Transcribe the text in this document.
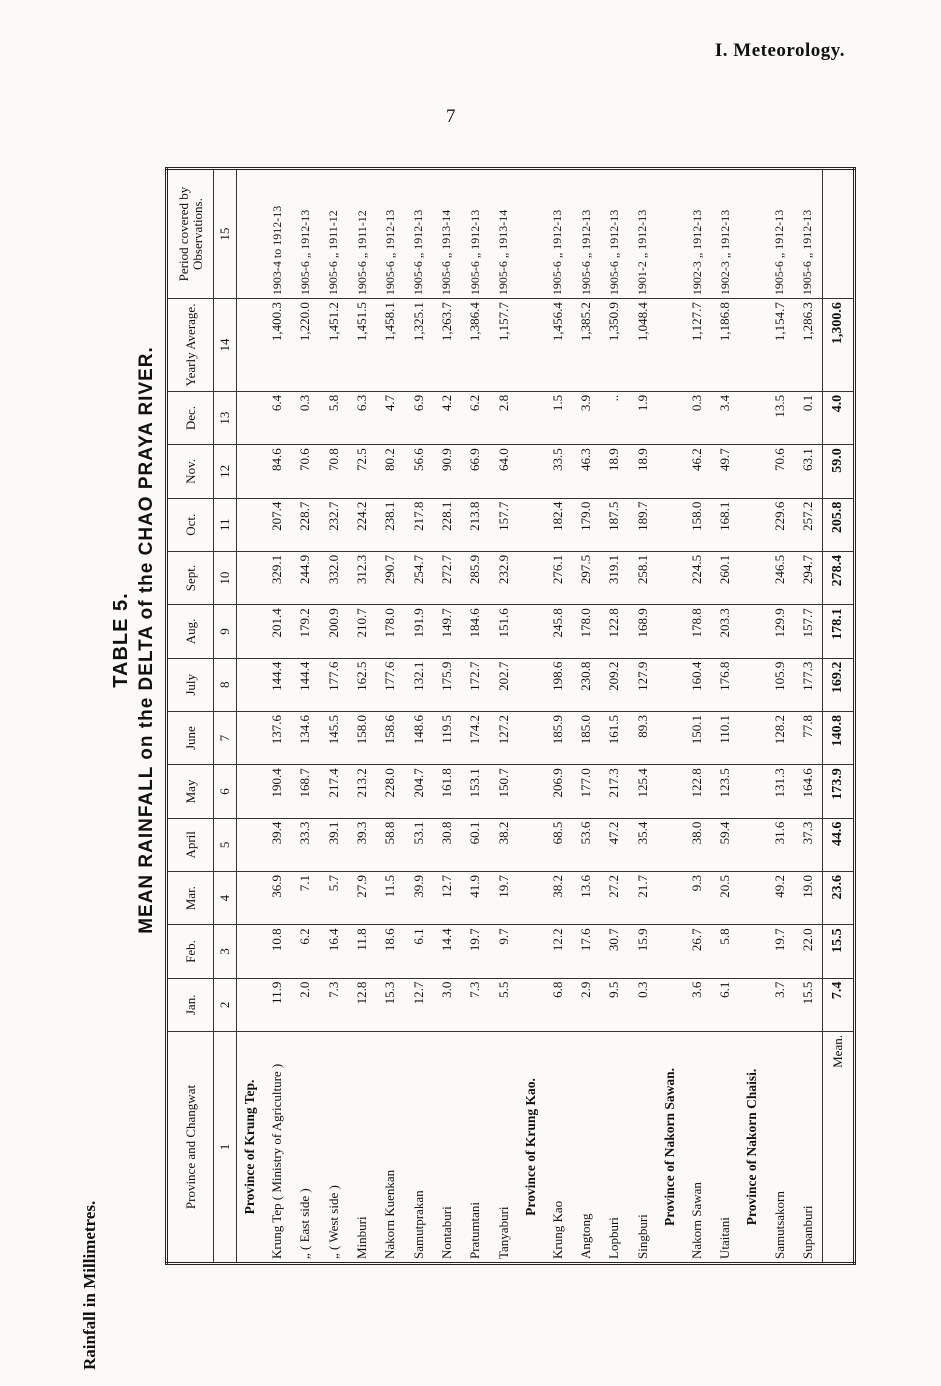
I. Meteorology.
7
Rainfall in Millimetres.
TABLE 5. MEAN RAINFALL on the DELTA of the CHAO PRAYA RIVER.
Province and Changwat	Jan.	Feb.	Mar.	April	May	June	July	Aug.	Sept.	Oct.	Nov.	Dec.	Yearly Average.	Period covered by Observations.
1	2	3	4	5	6	7	8	9	10	11	12	13	14	15
Province of Krung Tep.														
Krung Tep ( Ministry of Agriculture )	11.9	10.8	36.9	39.4	190.4	137.6	144.4	201.4	329.1	207.4	84.6	6.4	1,400.3	1903-4 to 1912-13
„ ( East side )	2.0	6.2	7.1	33.3	168.7	134.6	144.4	179.2	244.9	228.7	70.6	0.3	1,220.0	1905-6 „ 1912-13
„ ( West side )	7.3	16.4	5.7	39.1	217.4	145.5	177.6	200.9	332.0	232.7	70.8	5.8	1,451.2	1905-6 „ 1911-12
Minburi	12.8	11.8	27.9	39.3	213.2	158.0	162.5	210.7	312.3	224.2	72.5	6.3	1,451.5	1905-6 „ 1911-12
Nakorn Kuenkan	15.3	18.6	11.5	58.8	228.0	158.6	177.6	178.0	290.7	238.1	80.2	4.7	1,458.1	1905-6 „ 1912-13
Samutprakan	12.7	6.1	39.9	53.1	204.7	148.6	132.1	191.9	254.7	217.8	56.6	6.9	1,325.1	1905-6 „ 1912-13
Nontaburi	3.0	14.4	12.7	30.8	161.8	119.5	175.9	149.7	272.7	228.1	90.9	4.2	1,263.7	1905-6 „ 1913-14
Pratumtani	7.3	19.7	41.9	60.1	153.1	174.2	172.7	184.6	285.9	213.8	66.9	6.2	1,386.4	1905-6 „ 1912-13
Tanyaburi	5.5	9.7	19.7	38.2	150.7	127.2	202.7	151.6	232.9	157.7	64.0	2.8	1,157.7	1905-6 „ 1913-14
Province of Krung Kao.														
Krung Kao	6.8	12.2	38.2	68.5	206.9	185.9	198.6	245.8	276.1	182.4	33.5	1.5	1,456.4	1905-6 „ 1912-13
Angtong	2.9	17.6	13.6	53.6	177.0	185.0	230.8	178.0	297.5	179.0	46.3	3.9	1,385.2	1905-6 „ 1912-13
Lopburi	9.5	30.7	27.2	47.2	217.3	161.5	209.2	122.8	319.1	187.5	18.9	..	1,350.9	1905-6 „ 1912-13
Singburi	0.3	15.9	21.7	35.4	125.4	89.3	127.9	168.9	258.1	189.7	18.9	1.9	1,048.4	1901-2 „ 1912-13
Province of Nakorn Sawan.														
Nakorn Sawan	3.6	26.7	9.3	38.0	122.8	150.1	160.4	178.8	224.5	158.0	46.2	0.3	1,127.7	1902-3 „ 1912-13
Utaitani	6.1	5.8	20.5	59.4	123.5	110.1	176.8	203.3	260.1	168.1	49.7	3.4	1,186.8	1902-3 „ 1912-13
Province of Nakorn Chaisi.														
Samutsakorn	3.7	19.7	49.2	31.6	131.3	128.2	105.9	129.9	246.5	229.6	70.6	13.5	1,154.7	1905-6 „ 1912-13
Supanburi	15.5	22.0	19.0	37.3	164.6	77.8	177.3	157.7	294.7	257.2	63.1	0.1	1,286.3	1905-6 „ 1912-13
Mean.	7.4	15.5	23.6	44.6	173.9	140.8	169.2	178.1	278.4	205.8	59.0	4.0	1,300.6	
